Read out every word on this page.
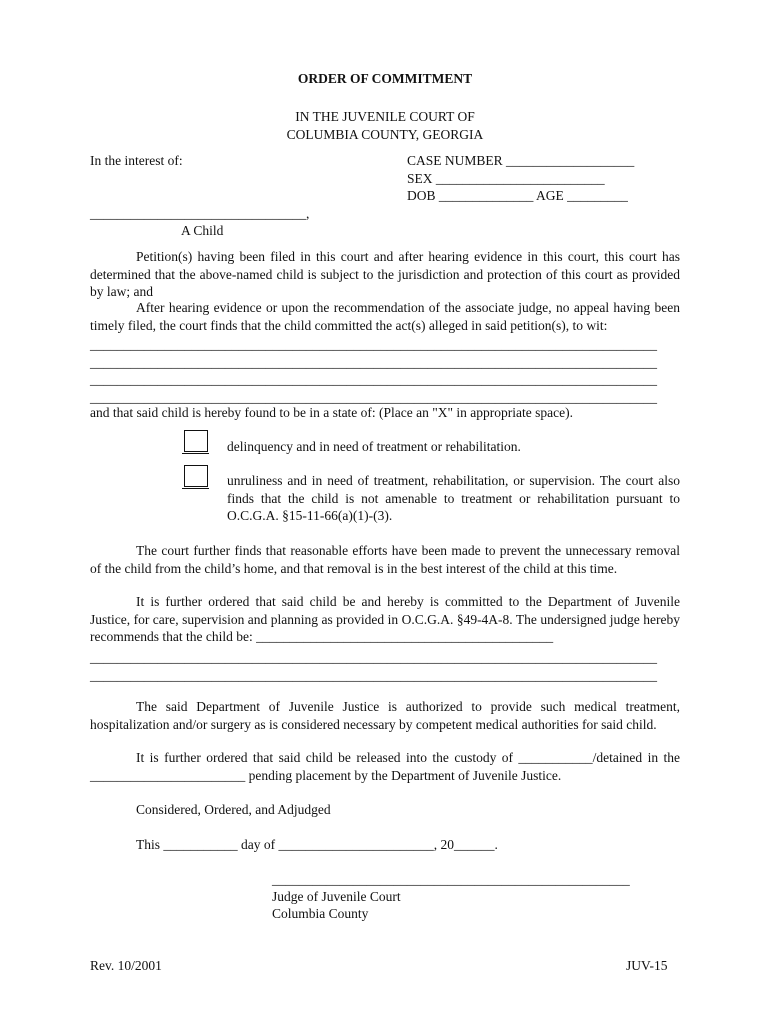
ORDER OF COMMITMENT
IN THE JUVENILE COURT OF
COLUMBIA COUNTY, GEORGIA
In the interest of:	CASE NUMBER ___________________
SEX _________________________
DOB ______________ AGE _________
________________________________,
A Child
Petition(s) having been filed in this court and after hearing evidence in this court, this court has determined that the above-named child is subject to the jurisdiction and protection of this court as provided by law; and
After hearing evidence or upon the recommendation of the associate judge, no appeal having been timely filed, the court finds that the child committed the act(s) alleged in said petition(s), to wit:
____________________________________________________________________________________
____________________________________________________________________________________
____________________________________________________________________________________
____________________________________________________________________________________
and that said child is hereby found to be in a state of: (Place an "X" in appropriate space).
delinquency and in need of treatment or rehabilitation.
unruliness and in need of treatment, rehabilitation, or supervision. The court also finds that the child is not amenable to treatment or rehabilitation pursuant to O.C.G.A. §15-11-66(a)(1)-(3).
The court further finds that reasonable efforts have been made to prevent the unnecessary removal of the child from the child’s home, and that removal is in the best interest of the child at this time.
It is further ordered that said child be and hereby is committed to the Department of Juvenile Justice, for care, supervision and planning as provided in O.C.G.A. §49-4A-8. The undersigned judge hereby recommends that the child be: ____________________________________________
____________________________________________________________________________________
____________________________________________________________________________________
The said Department of Juvenile Justice is authorized to provide such medical treatment, hospitalization and/or surgery as is considered necessary by competent medical authorities for said child.
It is further ordered that said child be released into the custody of ___________/detained in the _______________________ pending placement by the Department of Juvenile Justice.
Considered, Ordered, and Adjudged
This ___________ day of _______________________, 20______.
_____________________________________________________
Judge of Juvenile Court
Columbia County
Rev. 10/2001	JUV-15
